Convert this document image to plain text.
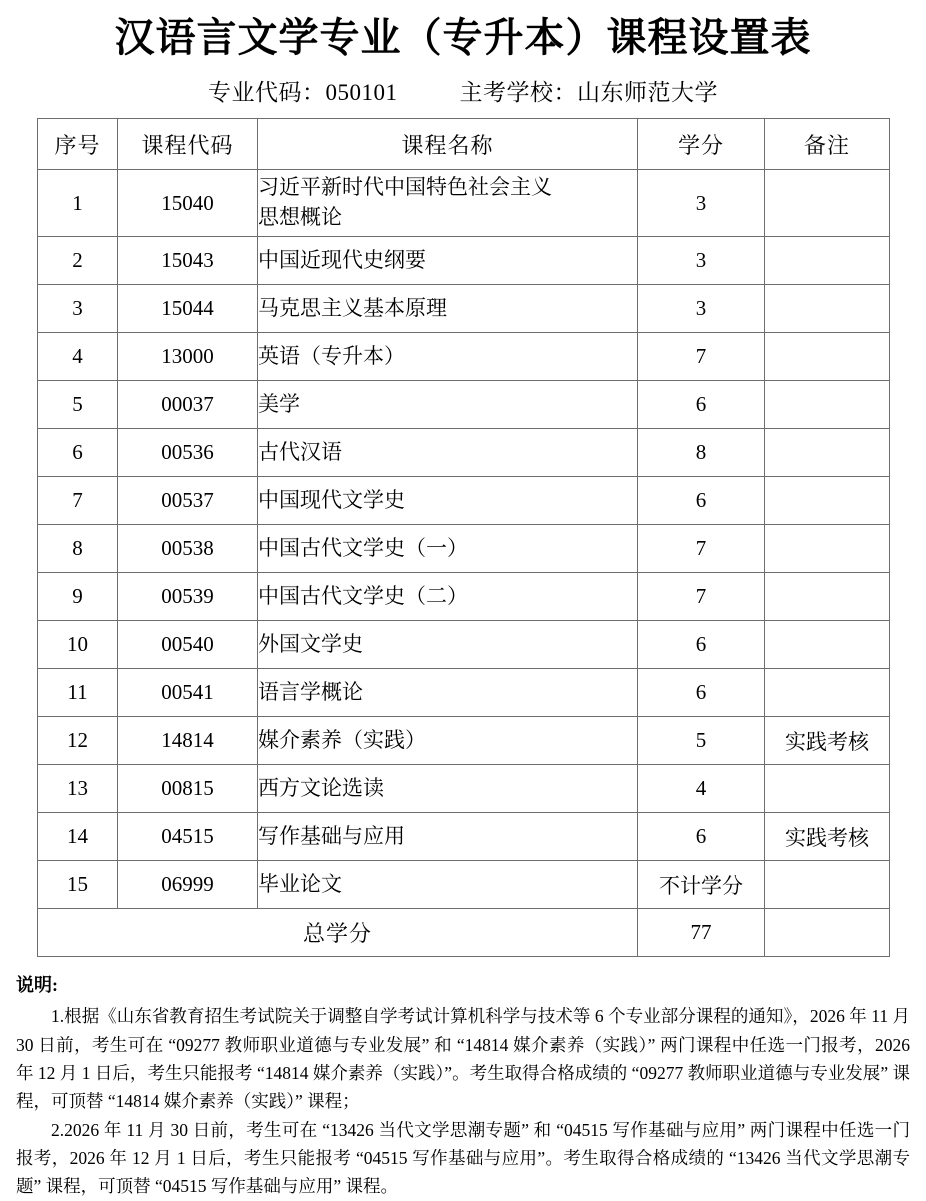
汉语言文学专业（专升本）课程设置表
专业代码：050101	主考学校：山东师范大学
序号	课程代码	课程名称	学分	备注
1	15040	习近平新时代中国特色社会主义
思想概论	3	
2	15043	中国近现代史纲要	3	
3	15044	马克思主义基本原理	3	
4	13000	英语（专升本）	7	
5	00037	美学	6	
6	00536	古代汉语	8	
7	00537	中国现代文学史	6	
8	00538	中国古代文学史（一）	7	
9	00539	中国古代文学史（二）	7	
10	00540	外国文学史	6	
11	00541	语言学概论	6	
12	14814	媒介素养（实践）	5	实践考核
13	00815	西方文论选读	4	
14	04515	写作基础与应用	6	实践考核
15	06999	毕业论文	不计学分	
总学分			77	
说明:

1.根据《山东省教育招生考试院关于调整自学考试计算机科学与技术等 6 个专业部分课程的通知》，2026 年 11 月 30 日前，考生可在 “09277 教师职业道德与专业发展” 和 “14814 媒介素养（实践）” 两门课程中任选一门报考，2026 年 12 月 1 日后，考生只能报考 “14814 媒介素养（实践）”。考生取得合格成绩的 “09277 教师职业道德与专业发展” 课程，可顶替 “14814 媒介素养（实践）” 课程；

2.2026 年 11 月 30 日前，考生可在 “13426 当代文学思潮专题” 和 “04515 写作基础与应用” 两门课程中任选一门报考，2026 年 12 月 1 日后，考生只能报考 “04515 写作基础与应用”。考生取得合格成绩的 “13426 当代文学思潮专题” 课程，可顶替 “04515 写作基础与应用” 课程。
